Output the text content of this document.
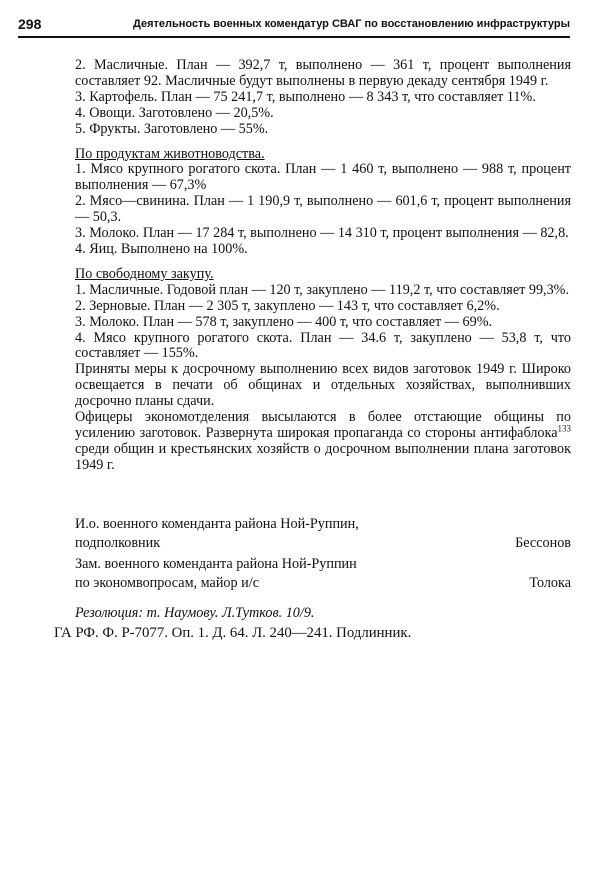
298	Деятельность военных комендатур СВАГ по восстановлению инфраструктуры

2. Масличные. План — 392,7 т, выполнено — 361 т, процент выполнения составляет 92. Масличные будут выполнены в первую декаду сентября 1949 г.

3. Картофель. План — 75 241,7 т, выполнено — 8 343 т, что составляет 11%.

4. Овощи. Заготовлено — 20,5%.

5. Фрукты. Заготовлено — 55%.

По продуктам животноводства.

1. Мясо крупного рогатого скота. План — 1 460 т, выполнено — 988 т, процент выполнения — 67,3%

2. Мясо—свинина. План — 1 190,9 т, выполнено — 601,6 т, процент выполнения — 50,3.

3. Молоко. План — 17 284 т, выполнено — 14 310 т, процент выполнения — 82,8.

4. Яиц. Выполнено на 100%.

По свободному закупу.

1. Масличные. Годовой план — 120 т, закуплено — 119,2 т, что составляет 99,3%.

2. Зерновые. План — 2 305 т, закуплено — 143 т, что составляет 6,2%.

3. Молоко. План — 578 т, закуплено — 400 т, что составляет — 69%.

4. Мясо крупного рогатого скота. План — 34.6 т, закуплено — 53,8 т, что составляет — 155%.

Приняты меры к досрочному выполнению всех видов заготовок 1949 г. Широко освещается в печати об общинах и отдельных хозяйствах, выполнивших досрочно планы сдачи.

Офицеры экономотделения высылаются в более отстающие общины по усилению заготовок. Развернута широкая пропаганда со стороны антифаблока$^{133}$ среди общин и крестьянских хозяйств о досрочном выполнении плана заготовок 1949 г.

И.о. военного коменданта района Ной-Руппин,
подполковник	Бессонов
Зам. военного коменданта района Ной-Руппин
по экономвопросам, майор и/с	Толока
Резолюция: т. Наумову. Л.Тутков. 10/9.
ГА РФ. Ф. Р-7077. Оп. 1. Д. 64. Л. 240—241. Подлинник.
